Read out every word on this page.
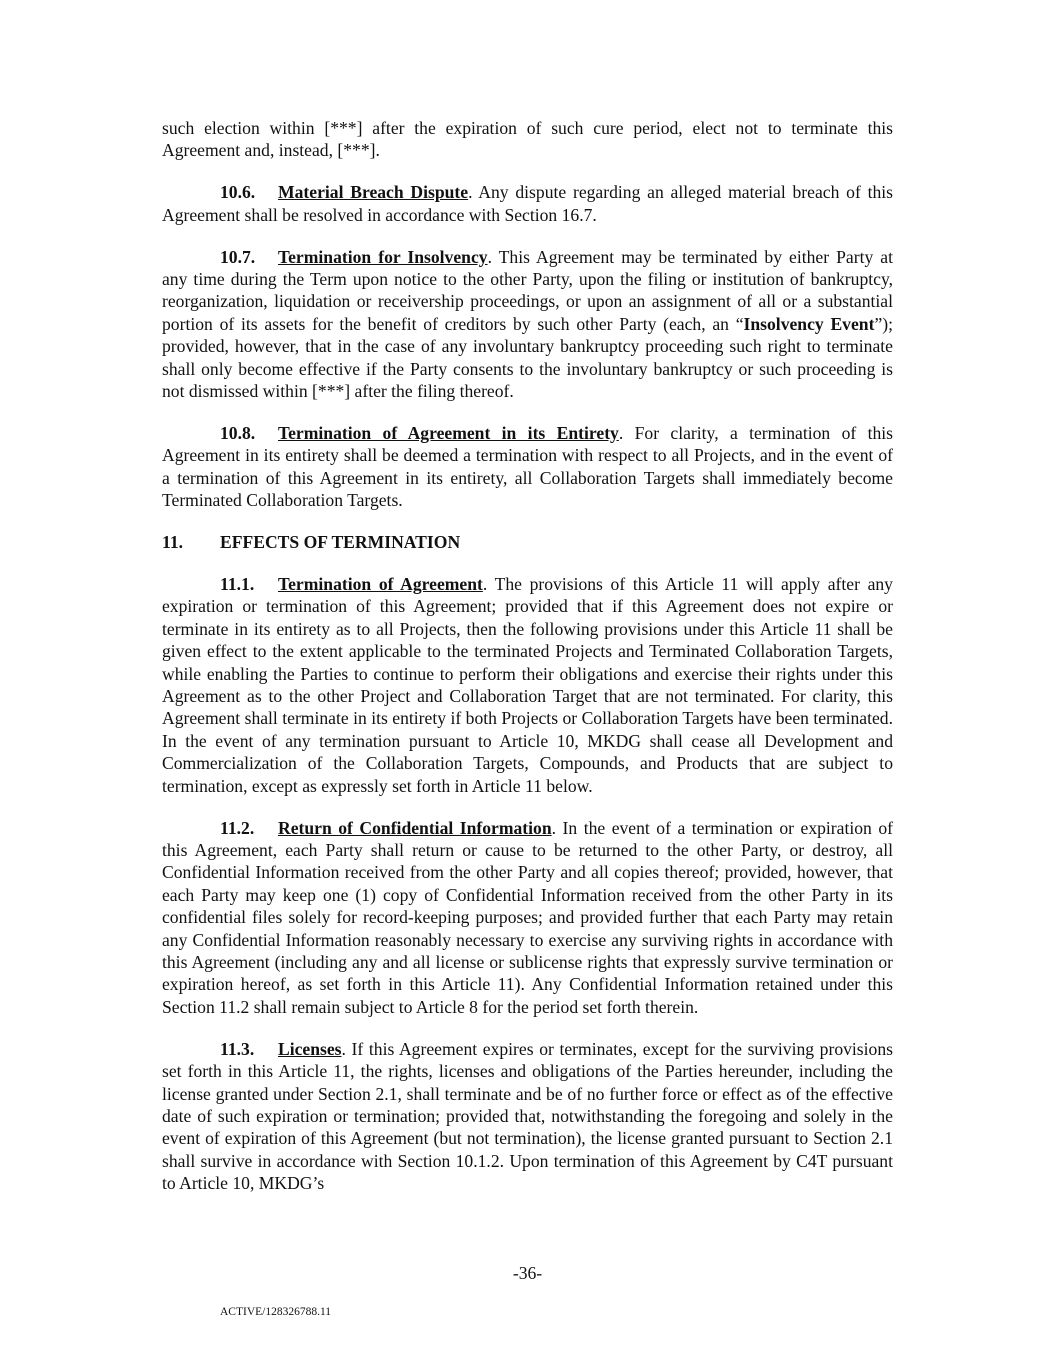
such election within [***] after the expiration of such cure period, elect not to terminate this Agreement and, instead, [***].

10.6. Material Breach Dispute. Any dispute regarding an alleged material breach of this Agreement shall be resolved in accordance with Section 16.7.

10.7. Termination for Insolvency. This Agreement may be terminated by either Party at any time during the Term upon notice to the other Party, upon the filing or institution of bankruptcy, reorganization, liquidation or receivership proceedings, or upon an assignment of all or a substantial portion of its assets for the benefit of creditors by such other Party (each, an “Insolvency Event”); provided, however, that in the case of any involuntary bankruptcy proceeding such right to terminate shall only become effective if the Party consents to the involuntary bankruptcy or such proceeding is not dismissed within [***] after the filing thereof.

10.8. Termination of Agreement in its Entirety. For clarity, a termination of this Agreement in its entirety shall be deemed a termination with respect to all Projects, and in the event of a termination of this Agreement in its entirety, all Collaboration Targets shall immediately become Terminated Collaboration Targets.

11. EFFECTS OF TERMINATION

11.1. Termination of Agreement. The provisions of this Article 11 will apply after any expiration or termination of this Agreement; provided that if this Agreement does not expire or terminate in its entirety as to all Projects, then the following provisions under this Article 11 shall be given effect to the extent applicable to the terminated Projects and Terminated Collaboration Targets, while enabling the Parties to continue to perform their obligations and exercise their rights under this Agreement as to the other Project and Collaboration Target that are not terminated. For clarity, this Agreement shall terminate in its entirety if both Projects or Collaboration Targets have been terminated. In the event of any termination pursuant to Article 10, MKDG shall cease all Development and Commercialization of the Collaboration Targets, Compounds, and Products that are subject to termination, except as expressly set forth in Article 11 below.

11.2. Return of Confidential Information. In the event of a termination or expiration of this Agreement, each Party shall return or cause to be returned to the other Party, or destroy, all Confidential Information received from the other Party and all copies thereof; provided, however, that each Party may keep one (1) copy of Confidential Information received from the other Party in its confidential files solely for record-keeping purposes; and provided further that each Party may retain any Confidential Information reasonably necessary to exercise any surviving rights in accordance with this Agreement (including any and all license or sublicense rights that expressly survive termination or expiration hereof, as set forth in this Article 11). Any Confidential Information retained under this Section 11.2 shall remain subject to Article 8 for the period set forth therein.

11.3. Licenses. If this Agreement expires or terminates, except for the surviving provisions set forth in this Article 11, the rights, licenses and obligations of the Parties hereunder, including the license granted under Section 2.1, shall terminate and be of no further force or effect as of the effective date of such expiration or termination; provided that, notwithstanding the foregoing and solely in the event of expiration of this Agreement (but not termination), the license granted pursuant to Section 2.1 shall survive in accordance with Section 10.1.2. Upon termination of this Agreement by C4T pursuant to Article 10, MKDG’s

-36-
ACTIVE/128326788.11
